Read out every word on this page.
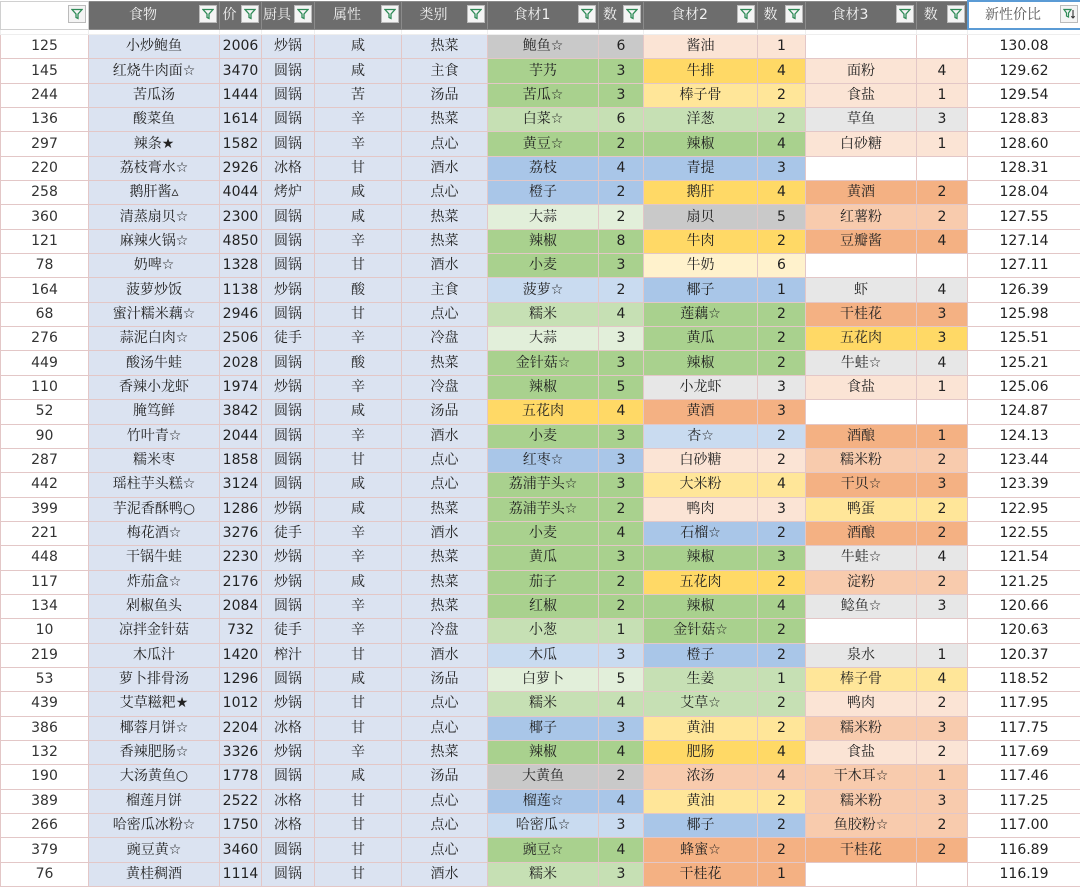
	食物	价	厨具	属性	类别	食材1	数	食材2	数	食材3	数	新性价比

125	小炒鲍鱼	2006	炒锅	咸	热菜	鲍鱼☆	6	酱油	1			130.08
145	红烧牛肉面☆	3470	圆锅	咸	主食	芋艿	3	牛排	4	面粉	4	129.62
244	苦瓜汤	1444	圆锅	苦	汤品	苦瓜☆	3	棒子骨	2	食盐	1	129.54
136	酸菜鱼	1614	圆锅	辛	热菜	白菜☆	6	洋葱	2	草鱼	3	128.83
297	辣条★	1582	圆锅	辛	点心	黄豆☆	2	辣椒	4	白砂糖	1	128.60
220	荔枝膏水☆	2926	冰格	甘	酒水	荔枝	4	青提	3			128.31
258	鹅肝酱▵	4044	烤炉	咸	点心	橙子	2	鹅肝	4	黄酒	2	128.04
360	清蒸扇贝☆	2300	圆锅	咸	热菜	大蒜	2	扇贝	5	红薯粉	2	127.55
121	麻辣火锅☆	4850	圆锅	辛	热菜	辣椒	8	牛肉	2	豆瓣酱	4	127.14
78	奶啤☆	1328	圆锅	甘	酒水	小麦	3	牛奶	6			127.11
164	菠萝炒饭	1138	炒锅	酸	主食	菠萝☆	2	椰子	1	虾	4	126.39
68	蜜汁糯米藕☆	2946	圆锅	甘	点心	糯米	4	莲藕☆	2	干桂花	3	125.98
276	蒜泥白肉☆	2506	徒手	辛	冷盘	大蒜	3	黄瓜	2	五花肉	3	125.51
449	酸汤牛蛙	2028	圆锅	酸	热菜	金针菇☆	3	辣椒	2	牛蛙☆	4	125.21
110	香辣小龙虾	1974	炒锅	辛	冷盘	辣椒	5	小龙虾	3	食盐	1	125.06
52	腌笃鲜	3842	圆锅	咸	汤品	五花肉	4	黄酒	3			124.87
90	竹叶青☆	2044	圆锅	辛	酒水	小麦	3	杏☆	2	酒酿	1	124.13
287	糯米枣	1858	圆锅	甘	点心	红枣☆	3	白砂糖	2	糯米粉	2	123.44
442	瑶柱芋头糕☆	3124	圆锅	咸	点心	荔浦芋头☆	3	大米粉	4	干贝☆	3	123.39
399	芋泥香酥鸭○	1286	炒锅	咸	热菜	荔浦芋头☆	2	鸭肉	3	鸭蛋	2	122.95
221	梅花酒☆	3276	徒手	辛	酒水	小麦	4	石榴☆	2	酒酿	2	122.55
448	干锅牛蛙	2230	炒锅	辛	热菜	黄瓜	3	辣椒	3	牛蛙☆	4	121.54
117	炸茄盒☆	2176	炒锅	咸	热菜	茄子	2	五花肉	2	淀粉	2	121.25
134	剁椒鱼头	2084	圆锅	辛	热菜	红椒	2	辣椒	4	鲶鱼☆	3	120.66
10	凉拌金针菇	732	徒手	辛	冷盘	小葱	1	金针菇☆	2			120.63
219	木瓜汁	1420	榨汁	甘	酒水	木瓜	3	橙子	2	泉水	1	120.37
53	萝卜排骨汤	1296	圆锅	咸	汤品	白萝卜	5	生姜	1	棒子骨	4	118.52
439	艾草糍粑★	1012	炒锅	甘	点心	糯米	4	艾草☆	2	鸭肉	2	117.95
386	椰蓉月饼☆	2204	冰格	甘	点心	椰子	3	黄油	2	糯米粉	3	117.75
132	香辣肥肠☆	3326	炒锅	辛	热菜	辣椒	4	肥肠	4	食盐	2	117.69
190	大汤黄鱼○	1778	圆锅	咸	汤品	大黄鱼	2	浓汤	4	干木耳☆	1	117.46
389	榴莲月饼	2522	冰格	甘	点心	榴莲☆	4	黄油	2	糯米粉	3	117.25
266	哈密瓜冰粉☆	1750	冰格	甘	点心	哈密瓜☆	3	椰子	2	鱼胶粉☆	2	117.00
379	豌豆黄☆	3460	圆锅	甘	点心	豌豆☆	4	蜂蜜☆	2	干桂花	2	116.89
76	黄桂稠酒	1114	圆锅	甘	酒水	糯米	3	干桂花	1			116.19
